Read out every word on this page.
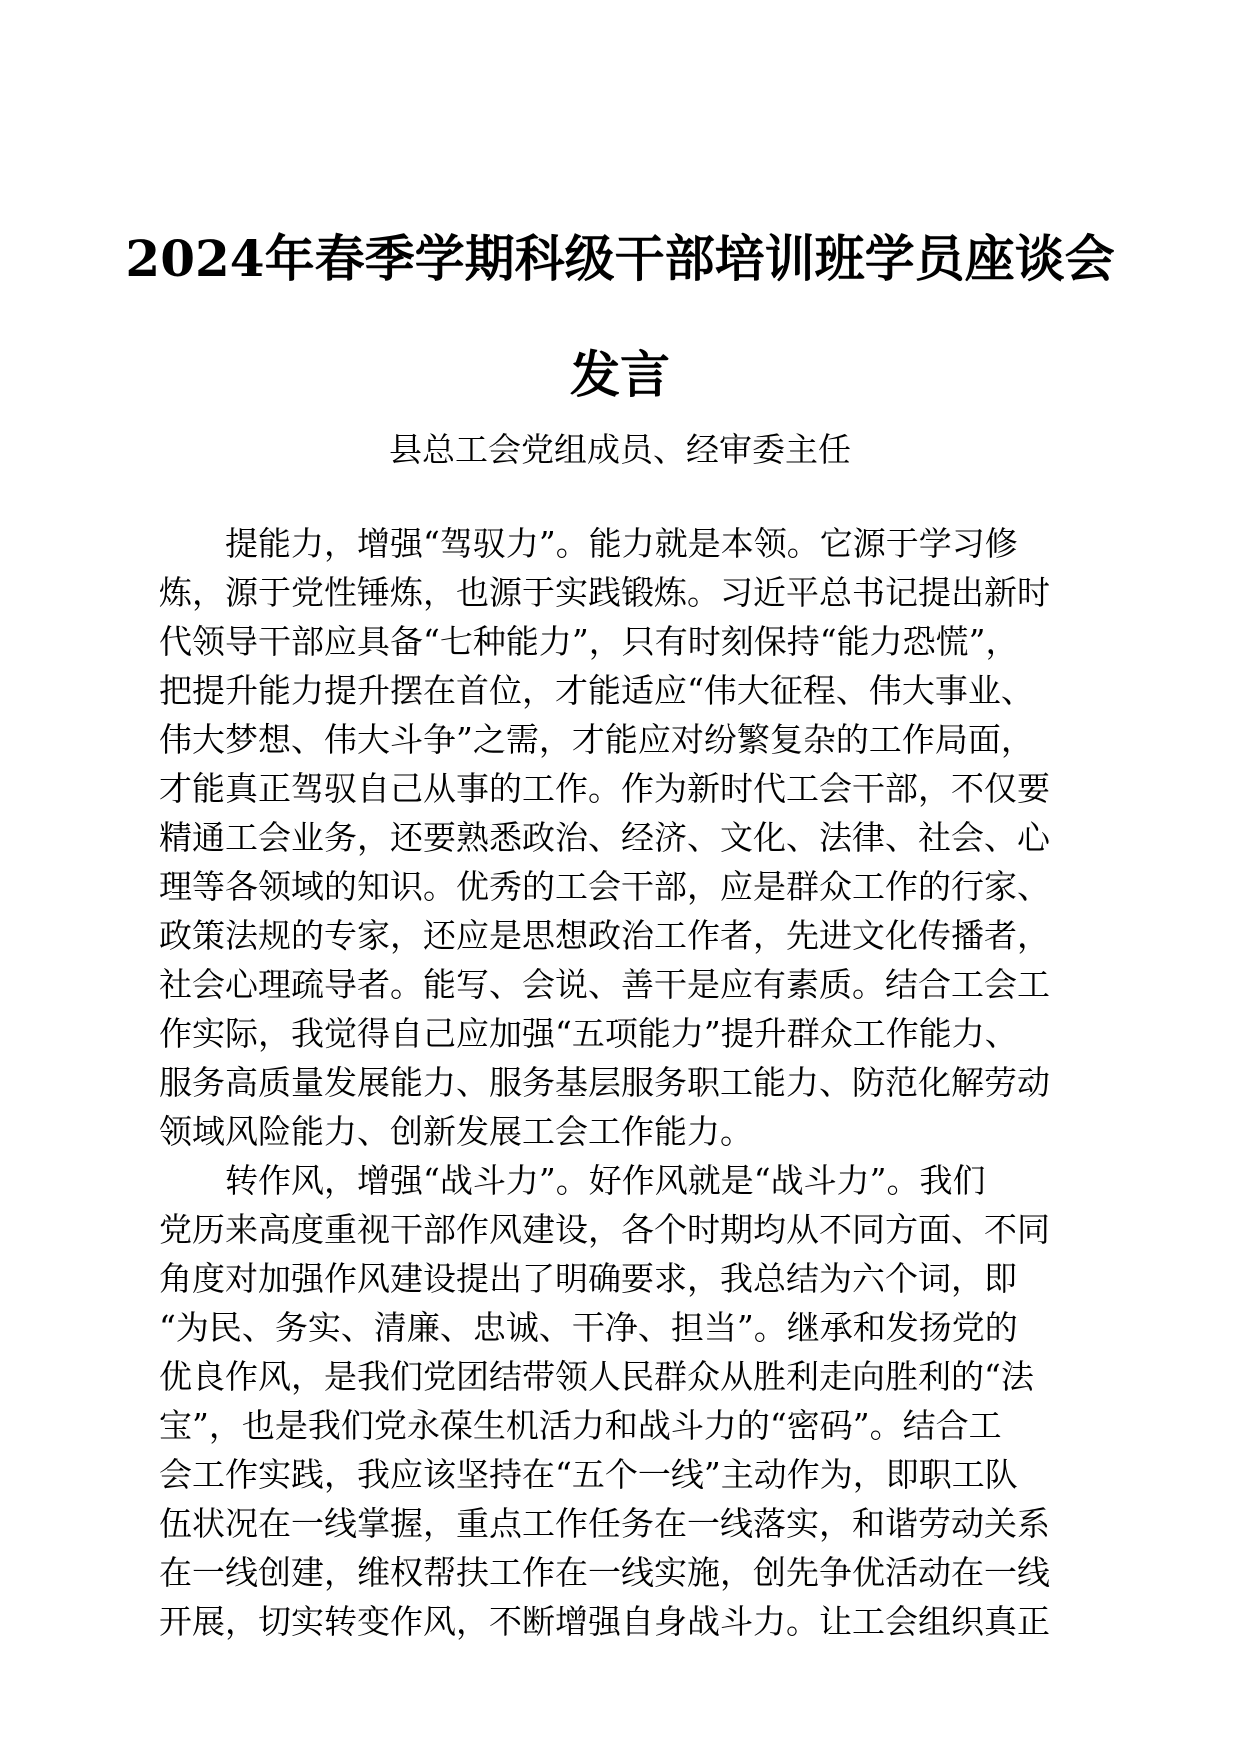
2024年春季学期科级干部培训班学员座谈会
发言
县总工会党组成员、经审委主任
提能力，增强“驾驭力”。能力就是本领。它源于学习修
炼，源于党性锤炼，也源于实践锻炼。习近平总书记提出新时
代领导干部应具备“七种能力”，只有时刻保持“能力恐慌”，
把提升能力提升摆在首位，才能适应“伟大征程、伟大事业、
伟大梦想、伟大斗争”之需，才能应对纷繁复杂的工作局面，
才能真正驾驭自己从事的工作。作为新时代工会干部，不仅要
精通工会业务，还要熟悉政治、经济、文化、法律、社会、心
理等各领域的知识。优秀的工会干部，应是群众工作的行家、
政策法规的专家，还应是思想政治工作者，先进文化传播者，
社会心理疏导者。能写、会说、善干是应有素质。结合工会工
作实际，我觉得自己应加强“五项能力”提升群众工作能力、
服务高质量发展能力、服务基层服务职工能力、防范化解劳动
领域风险能力、创新发展工会工作能力。
转作风，增强“战斗力”。好作风就是“战斗力”。我们
党历来高度重视干部作风建设，各个时期均从不同方面、不同
角度对加强作风建设提出了明确要求，我总结为六个词，即
“为民、务实、清廉、忠诚、干净、担当”。继承和发扬党的
优良作风，是我们党团结带领人民群众从胜利走向胜利的“法
宝”，也是我们党永葆生机活力和战斗力的“密码”。结合工
会工作实践，我应该坚持在“五个一线”主动作为，即职工队
伍状况在一线掌握，重点工作任务在一线落实，和谐劳动关系
在一线创建，维权帮扶工作在一线实施，创先争优活动在一线
开展，切实转变作风，不断增强自身战斗力。让工会组织真正
